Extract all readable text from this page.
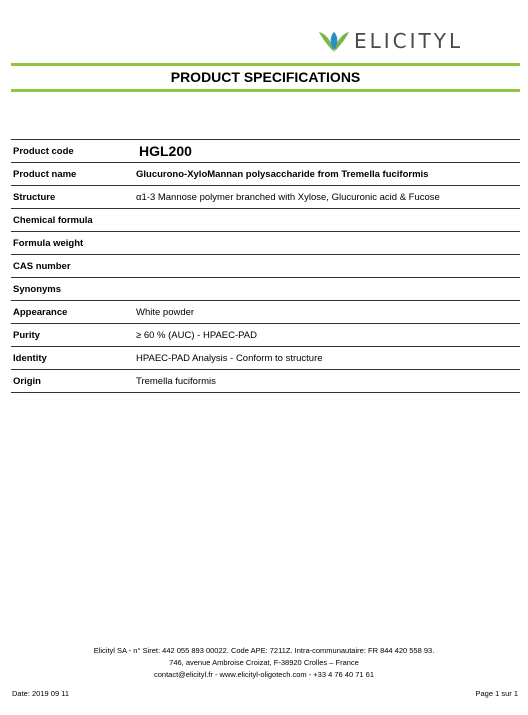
ELICITYL
PRODUCT SPECIFICATIONS
Product code	HGL200
Product name	Glucurono-XyloMannan polysaccharide from Tremella fuciformis
Structure	α1-3 Mannose polymer branched with Xylose, Glucuronic acid & Fucose
Chemical formula	
Formula weight	
CAS number	
Synonyms	
Appearance	White powder
Purity	≥ 60 % (AUC) - HPAEC-PAD
Identity	HPAEC-PAD Analysis - Conform to structure
Origin	Tremella fuciformis
Elicityl SA - n° Siret: 442 055 893 00022. Code APE: 7211Z. Intra-communautaire: FR 844 420 558 93.
746, avenue Ambroise Croizat, F-38920 Crolles – France
contact@elicityl.fr - www.elicityl-oligotech.com - +33 4 76 40 71 61
Date: 2019 09 11	Page 1 sur 1
